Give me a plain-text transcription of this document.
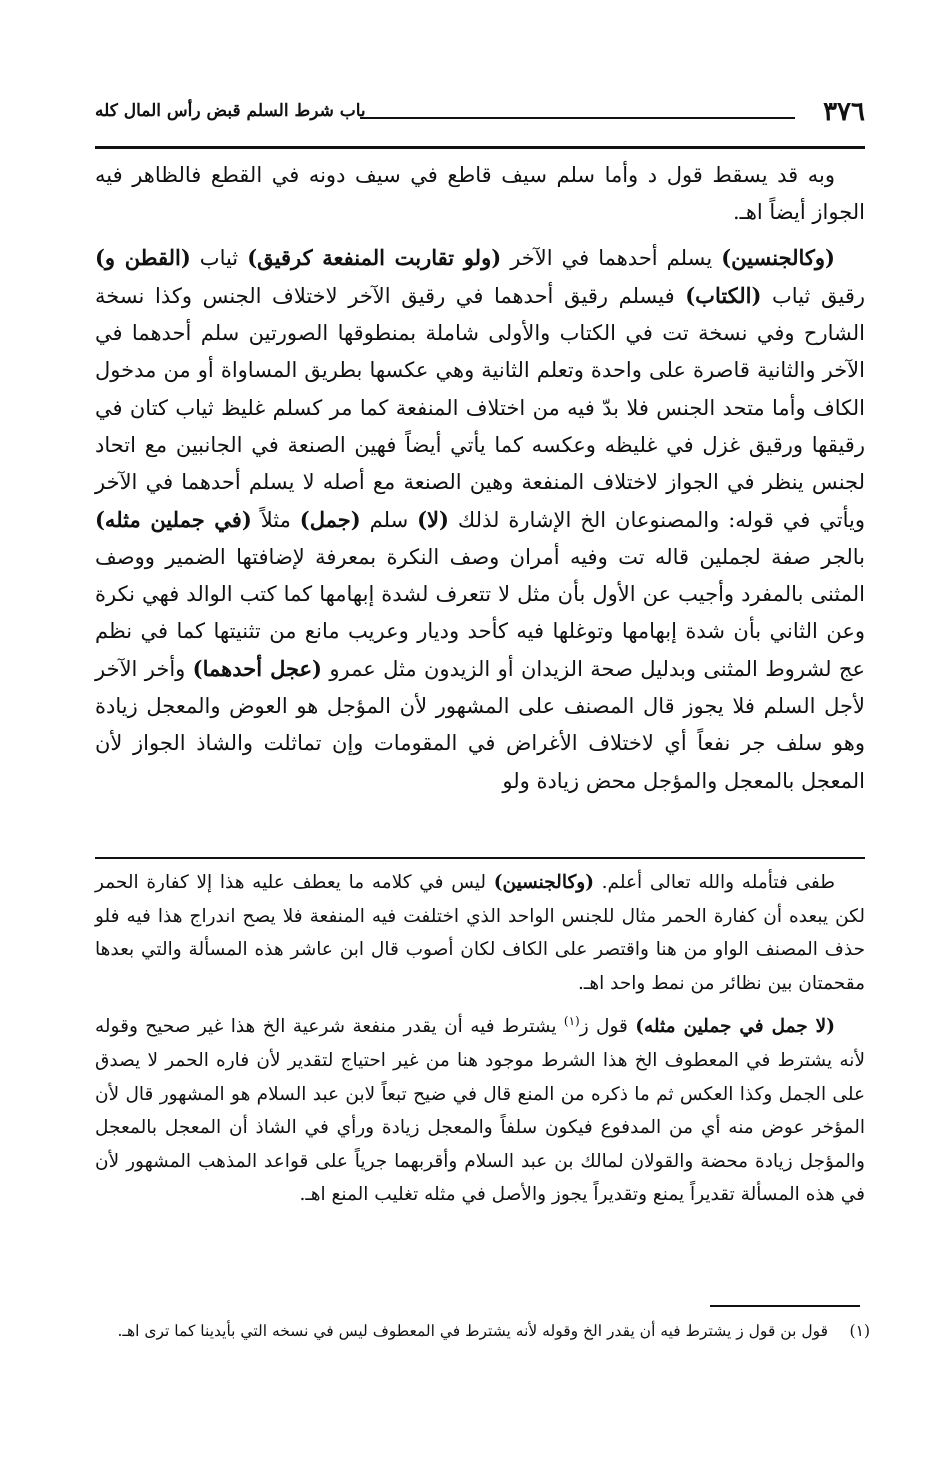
٣٧٦
باب شرط السلم قبض رأس المال كله

وبه قد يسقط قول د وأما سلم سيف قاطع في سيف دونه في القطع فالظاهر فيه الجواز أيضاً اهـ.

(وكالجنسين) يسلم أحدهما في الآخر (ولو تقاربت المنفعة كرقيق) ثياب (القطن و) رقيق ثياب (الكتاب) فيسلم رقيق أحدهما في رقيق الآخر لاختلاف الجنس وكذا نسخة الشارح وفي نسخة تت في الكتاب والأولى شاملة بمنطوقها الصورتين سلم أحدهما في الآخر والثانية قاصرة على واحدة وتعلم الثانية وهي عكسها بطريق المساواة أو من مدخول الكاف وأما متحد الجنس فلا بدّ فيه من اختلاف المنفعة كما مر كسلم غليظ ثياب كتان في رقيقها ورقيق غزل في غليظه وعكسه كما يأتي أيضاً فهين الصنعة في الجانبين مع اتحاد لجنس ينظر في الجواز لاختلاف المنفعة وهين الصنعة مع أصله لا يسلم أحدهما في الآخر ويأتي في قوله: والمصنوعان الخ الإشارة لذلك (لا) سلم (جمل) مثلاً (في جملين مثله) بالجر صفة لجملين قاله تت وفيه أمران وصف النكرة بمعرفة لإضافتها الضمير ووصف المثنى بالمفرد وأجيب عن الأول بأن مثل لا تتعرف لشدة إبهامها كما كتب الوالد فهي نكرة وعن الثاني بأن شدة إبهامها وتوغلها فيه كأحد وديار وعريب مانع من تثنيتها كما في نظم عج لشروط المثنى وبدليل صحة الزيدان أو الزيدون مثل عمرو (عجل أحدهما) وأخر الآخر لأجل السلم فلا يجوز قال المصنف على المشهور لأن المؤجل هو العوض والمعجل زيادة وهو سلف جر نفعاً أي لاختلاف الأغراض في المقومات وإن تماثلت والشاذ الجواز لأن المعجل بالمعجل والمؤجل محض زيادة ولو

طفى فتأمله والله تعالى أعلم. (وكالجنسين) ليس في كلامه ما يعطف عليه هذا إلا كفارة الحمر لكن يبعده أن كفارة الحمر مثال للجنس الواحد الذي اختلفت فيه المنفعة فلا يصح اندراج هذا فيه فلو حذف المصنف الواو من هنا واقتصر على الكاف لكان أصوب قال ابن عاشر هذه المسألة والتي بعدها مقحمتان بين نظائر من نمط واحد اهـ.

(لا جمل في جملين مثله) قول ز$^{(١)}$ يشترط فيه أن يقدر منفعة شرعية الخ هذا غير صحيح وقوله لأنه يشترط في المعطوف الخ هذا الشرط موجود هنا من غير احتياج لتقدير لأن فاره الحمر لا يصدق على الجمل وكذا العكس ثم ما ذكره من المنع قال في ضيح تبعاً لابن عبد السلام هو المشهور قال لأن المؤخر عوض منه أي من المدفوع فيكون سلفاً والمعجل زيادة ورأي في الشاذ أن المعجل بالمعجل والمؤجل زيادة محضة والقولان لمالك بن عبد السلام وأقربهما جرياً على قواعد المذهب المشهور لأن في هذه المسألة تقديراً يمنع وتقديراً يجوز والأصل في مثله تغليب المنع اهـ.

(١)
قول بن قول ز يشترط فيه أن يقدر الخ وقوله لأنه يشترط في المعطوف ليس في نسخه التي بأيدينا كما ترى اهـ.
